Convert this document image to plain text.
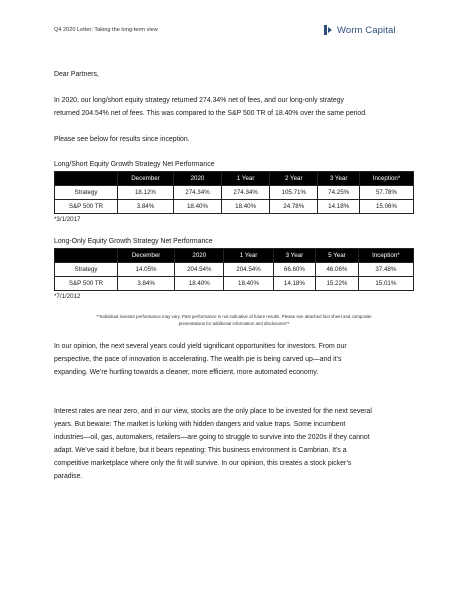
Q4 2020 Letter: Taking the long-term view	Worm Capital

Dear Partners,

In 2020, our long/short equity strategy returned 274.34% net of fees, and our long-only strategy
returned 204.54% net of fees. This was compared to the S&P 500 TR of 18.40% over the same period.

Please see below for results since inception.

Long/Short Equity Growth Strategy Net Performance
	December	2020	1 Year	2 Year	3 Year	Inception*
Strategy	18.12%	274.34%	274.34%	105.71%	74.25%	57.78%
S&P 500 TR	3.84%	18.40%	18.40%	24.78%	14.18%	15.06%
*3/1/2017
Long-Only Equity Growth Strategy Net Performance
	December	2020	1 Year	3 Year	5 Year	Inception*
Strategy	14.05%	204.54%	204.54%	66.60%	46.06%	37.48%
S&P 500 TR	3.84%	18.40%	18.40%	14.18%	15.22%	15.01%
*7/1/2012
**Individual investor performance may vary. Past performance is not indicative of future results. Please see attached fact sheet and composite
presentations for additional information and disclosures**

In our opinion, the next several years could yield significant opportunities for investors. From our
perspective, the pace of innovation is accelerating. The wealth pie is being carved up—and it’s
expanding. We’re hurtling towards a cleaner, more efficient, more automated economy.

Interest rates are near zero, and in our view, stocks are the only place to be invested for the next several
years. But beware: The market is lurking with hidden dangers and value traps. Some incumbent
industries—oil, gas, automakers, retailers—are going to struggle to survive into the 2020s if they cannot
adapt. We’ve said it before, but it bears repeating: This business environment is Cambrian. It’s a
competitive marketplace where only the fit will survive. In our opinion, this creates a stock picker’s
paradise.
